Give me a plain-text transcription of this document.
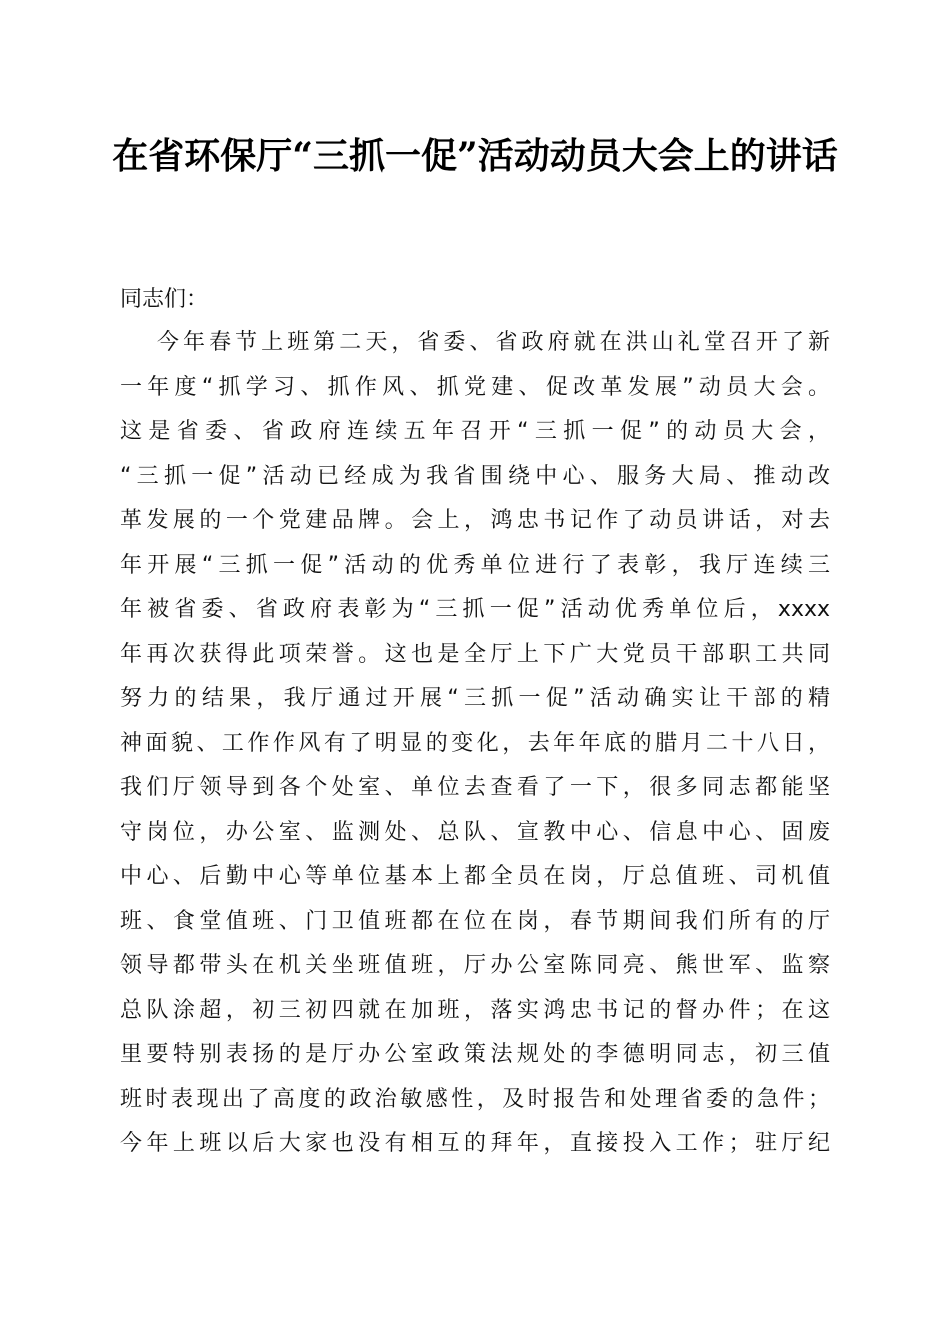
在省环保厅“三抓一促”活动动员大会上的讲话

同志们：

今年春节上班第二天，省委、省政府就在洪山礼堂召开了新
一年度“抓学习、抓作风、抓党建、促改革发展”动员大会。
这是省委、省政府连续五年召开“三抓一促”的动员大会，
“三抓一促”活动已经成为我省围绕中心、服务大局、推动改
革发展的一个党建品牌。会上，鸿忠书记作了动员讲话，对去
年开展“三抓一促”活动的优秀单位进行了表彰，我厅连续三
年被省委、省政府表彰为“三抓一促”活动优秀单位后，xxxx
年再次获得此项荣誉。这也是全厅上下广大党员干部职工共同
努力的结果，我厅通过开展“三抓一促”活动确实让干部的精
神面貌、工作作风有了明显的变化，去年年底的腊月二十八日，
我们厅领导到各个处室、单位去查看了一下，很多同志都能坚
守岗位，办公室、监测处、总队、宣教中心、信息中心、固废
中心、后勤中心等单位基本上都全员在岗，厅总值班、司机值
班、食堂值班、门卫值班都在位在岗，春节期间我们所有的厅
领导都带头在机关坐班值班，厅办公室陈同亮、熊世军、监察
总队涂超，初三初四就在加班，落实鸿忠书记的督办件；在这
里要特别表扬的是厅办公室政策法规处的李德明同志，初三值
班时表现出了高度的政治敏感性，及时报告和处理省委的急件；
今年上班以后大家也没有相互的拜年，直接投入工作；驻厅纪
